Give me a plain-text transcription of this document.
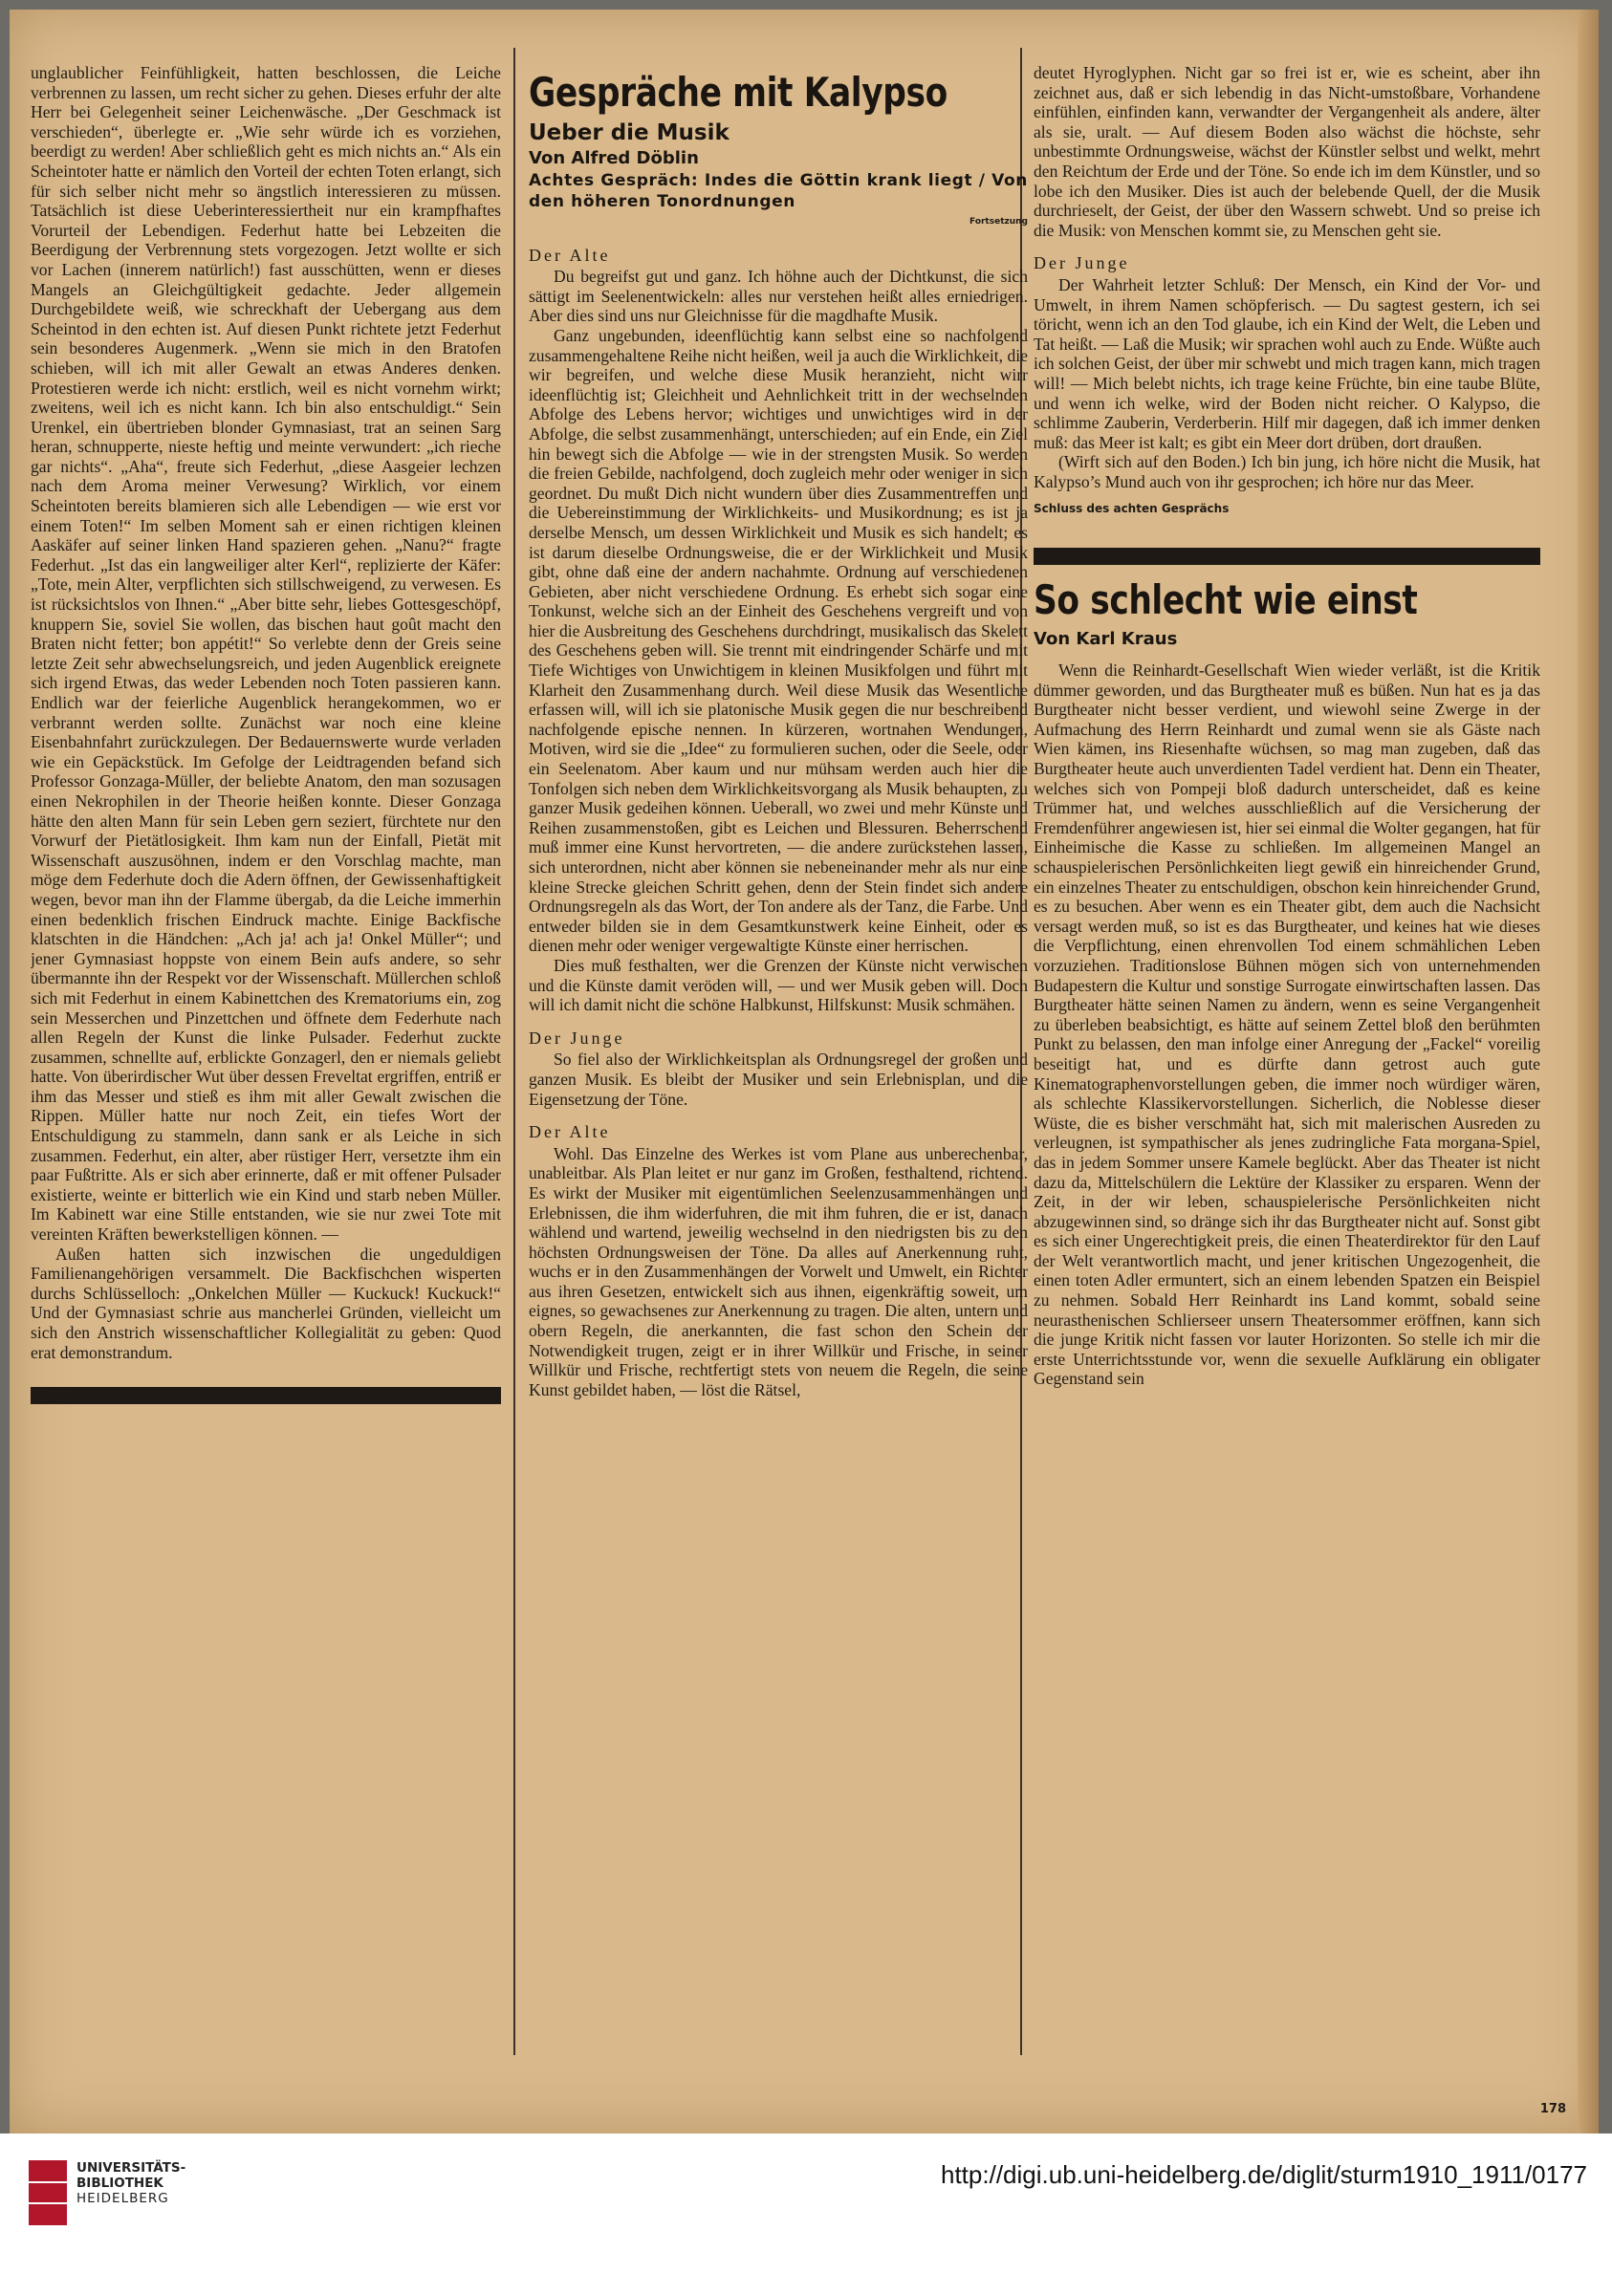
unglaublicher Feinfühligkeit, hatten beschlossen, die Leiche verbrennen zu lassen, um recht sicher zu gehen. Dieses erfuhr der alte Herr bei Gelegenheit seiner Leichenwäsche. „Der Geschmack ist verschieden“, überlegte er. „Wie sehr würde ich es vorziehen, beerdigt zu werden! Aber schließlich geht es mich nichts an.“ Als ein Scheintoter hatte er nämlich den Vorteil der echten Toten erlangt, sich für sich selber nicht mehr so ängstlich interessieren zu müssen. Tatsächlich ist diese Ueberinteressiertheit nur ein krampfhaftes Vorurteil der Lebendigen. Federhut hatte bei Lebzeiten die Beerdigung der Verbrennung stets vorgezogen. Jetzt wollte er sich vor Lachen (innerem natürlich!) fast ausschütten, wenn er dieses Mangels an Gleichgültigkeit gedachte. Jeder allgemein Durchgebildete weiß, wie schreckhaft der Uebergang aus dem Scheintod in den echten ist. Auf diesen Punkt richtete jetzt Federhut sein besonderes Augenmerk. „Wenn sie mich in den Bratofen schieben, will ich mit aller Gewalt an etwas Anderes denken. Protestieren werde ich nicht: erstlich, weil es nicht vornehm wirkt; zweitens, weil ich es nicht kann. Ich bin also entschuldigt.“ Sein Urenkel, ein übertrieben blonder Gymnasiast, trat an seinen Sarg heran, schnupperte, nieste heftig und meinte verwundert: „ich rieche gar nichts“. „Aha“, freute sich Federhut, „diese Aasgeier lechzen nach dem Aroma meiner Verwesung? Wirklich, vor einem Scheintoten bereits blamieren sich alle Lebendigen — wie erst vor einem Toten!“ Im selben Moment sah er einen richtigen kleinen Aaskäfer auf seiner linken Hand spazieren gehen. „Nanu?“ fragte Federhut. „Ist das ein langweiliger alter Kerl“, replizierte der Käfer: „Tote, mein Alter, verpflichten sich stillschweigend, zu verwesen. Es ist rücksichtslos von Ihnen.“ „Aber bitte sehr, liebes Gottesgeschöpf, knuppern Sie, soviel Sie wollen, das bischen haut goût macht den Braten nicht fetter; bon appétit!“ So verlebte denn der Greis seine letzte Zeit sehr abwechselungsreich, und jeden Augenblick ereignete sich irgend Etwas, das weder Lebenden noch Toten passieren kann. Endlich war der feierliche Augenblick herangekommen, wo er verbrannt werden sollte. Zunächst war noch eine kleine Eisenbahnfahrt zurückzulegen. Der Bedauernswerte wurde verladen wie ein Gepäckstück. Im Gefolge der Leidtragenden befand sich Professor Gonzaga-Müller, der beliebte Anatom, den man sozusagen einen Nekrophilen in der Theorie heißen konnte. Dieser Gonzaga hätte den alten Mann für sein Leben gern seziert, fürchtete nur den Vorwurf der Pietätlosigkeit. Ihm kam nun der Einfall, Pietät mit Wissenschaft auszusöhnen, indem er den Vorschlag machte, man möge dem Federhute doch die Adern öffnen, der Gewissenhaftigkeit wegen, bevor man ihn der Flamme übergab, da die Leiche immerhin einen bedenklich frischen Eindruck machte. Einige Backfische klatschten in die Händchen: „Ach ja! ach ja! Onkel Müller“; und jener Gymnasiast hoppste von einem Bein aufs andere, so sehr übermannte ihn der Respekt vor der Wissenschaft. Müllerchen schloß sich mit Federhut in einem Kabinettchen des Krematoriums ein, zog sein Messerchen und Pinzettchen und öffnete dem Federhute nach allen Regeln der Kunst die linke Pulsader. Federhut zuckte zusammen, schnellte auf, erblickte Gonzagerl, den er niemals geliebt hatte. Von überirdischer Wut über dessen Freveltat ergriffen, entriß er ihm das Messer und stieß es ihm mit aller Gewalt zwischen die Rippen. Müller hatte nur noch Zeit, ein tiefes Wort der Entschuldigung zu stammeln, dann sank er als Leiche in sich zusammen. Federhut, ein alter, aber rüstiger Herr, versetzte ihm ein paar Fußtritte. Als er sich aber erinnerte, daß er mit offener Pulsader existierte, weinte er bitterlich wie ein Kind und starb neben Müller. Im Kabinett war eine Stille entstanden, wie sie nur zwei Tote mit vereinten Kräften bewerkstelligen können. —

Außen hatten sich inzwischen die ungeduldigen Familienangehörigen versammelt. Die Backfischchen wisperten durchs Schlüsselloch: „Onkelchen Müller — Kuckuck! Kuckuck!“ Und der Gymnasiast schrie aus mancherlei Gründen, vielleicht um sich den Anstrich wissenschaftlicher Kollegialität zu geben: Quod erat demonstrandum.

Gespräche mit Kalypso
Ueber die Musik
Von Alfred Döblin
Achtes Gespräch: Indes die Göttin krank liegt / Von den höheren Tonordnungen
Fortsetzung
Der Alte

Du begreifst gut und ganz. Ich höhne auch der Dichtkunst, die sich sättigt im Seelenentwickeln: alles nur verstehen heißt alles erniedrigen. Aber dies sind uns nur Gleichnisse für die magdhafte Musik.

Ganz ungebunden, ideenflüchtig kann selbst eine so nachfolgend zusammengehaltene Reihe nicht heißen, weil ja auch die Wirklichkeit, die wir begreifen, und welche diese Musik heranzieht, nicht wirr ideenflüchtig ist; Gleichheit und Aehnlichkeit tritt in der wechselnden Abfolge des Lebens hervor; wichtiges und unwichtiges wird in der Abfolge, die selbst zusammenhängt, unterschieden; auf ein Ende, ein Ziel hin bewegt sich die Abfolge — wie in der strengsten Musik. So werden die freien Gebilde, nachfolgend, doch zugleich mehr oder weniger in sich geordnet. Du mußt Dich nicht wundern über dies Zusammentreffen und die Uebereinstimmung der Wirklichkeits- und Musikordnung; es ist ja derselbe Mensch, um dessen Wirklichkeit und Musik es sich handelt; es ist darum dieselbe Ordnungsweise, die er der Wirklichkeit und Musik gibt, ohne daß eine der andern nachahmte. Ordnung auf verschiedenen Gebieten, aber nicht verschiedene Ordnung. Es erhebt sich sogar eine Tonkunst, welche sich an der Einheit des Geschehens vergreift und von hier die Ausbreitung des Geschehens durchdringt, musikalisch das Skelett des Geschehens geben will. Sie trennt mit eindringender Schärfe und mit Tiefe Wichtiges von Unwichtigem in kleinen Musikfolgen und führt mit Klarheit den Zusammenhang durch. Weil diese Musik das Wesentliche erfassen will, will ich sie platonische Musik gegen die nur beschreibend nachfolgende epische nennen. In kürzeren, wortnahen Wendungen, Motiven, wird sie die „Idee“ zu formulieren suchen, oder die Seele, oder ein Seelenatom. Aber kaum und nur mühsam werden auch hier die Tonfolgen sich neben dem Wirklichkeitsvorgang als Musik behaupten, zu ganzer Musik gedeihen können. Ueberall, wo zwei und mehr Künste und Reihen zusammenstoßen, gibt es Leichen und Blessuren. Beherrschend muß immer eine Kunst hervortreten, — die andere zurückstehen lassen, sich unterordnen, nicht aber können sie nebeneinander mehr als nur eine kleine Strecke gleichen Schritt gehen, denn der Stein findet sich andere Ordnungsregeln als das Wort, der Ton andere als der Tanz, die Farbe. Und entweder bilden sie in dem Gesamtkunstwerk keine Einheit, oder es dienen mehr oder weniger vergewaltigte Künste einer herrischen.

Dies muß festhalten, wer die Grenzen der Künste nicht verwischen und die Künste damit veröden will, — und wer Musik geben will. Doch will ich damit nicht die schöne Halbkunst, Hilfskunst: Musik schmähen.

Der Junge

So fiel also der Wirklichkeitsplan als Ordnungsregel der großen und ganzen Musik. Es bleibt der Musiker und sein Erlebnisplan, und die Eigensetzung der Töne.

Der Alte

Wohl. Das Einzelne des Werkes ist vom Plane aus unberechenbar, unableitbar. Als Plan leitet er nur ganz im Großen, festhaltend, richtend. Es wirkt der Musiker mit eigentümlichen Seelenzusammenhängen und Erlebnissen, die ihm widerfuhren, die mit ihm fuhren, die er ist, danach wählend und wartend, jeweilig wechselnd in den niedrigsten bis zu den höchsten Ordnungsweisen der Töne. Da alles auf Anerkennung ruht, wuchs er in den Zusammenhängen der Vorwelt und Umwelt, ein Richter aus ihren Gesetzen, entwickelt sich aus ihnen, eigenkräftig soweit, um eignes, so gewachsenes zur Anerkennung zu tragen. Die alten, untern und obern Regeln, die anerkannten, die fast schon den Schein der Notwendigkeit trugen, zeigt er in ihrer Willkür und Frische, in seiner Willkür und Frische, rechtfertigt stets von neuem die Regeln, die seine Kunst gebildet haben, — löst die Rätsel,

deutet Hyroglyphen. Nicht gar so frei ist er, wie es scheint, aber ihn zeichnet aus, daß er sich lebendig in das Nicht-umstoßbare, Vorhandene einfühlen, einfinden kann, verwandter der Vergangenheit als andere, älter als sie, uralt. — Auf diesem Boden also wächst die höchste, sehr unbestimmte Ordnungsweise, wächst der Künstler selbst und welkt, mehrt den Reichtum der Erde und der Töne. So ende ich im dem Künstler, und so lobe ich den Musiker. Dies ist auch der belebende Quell, der die Musik durchrieselt, der Geist, der über den Wassern schwebt. Und so preise ich die Musik: von Menschen kommt sie, zu Menschen geht sie.

Der Junge

Der Wahrheit letzter Schluß: Der Mensch, ein Kind der Vor- und Umwelt, in ihrem Namen schöpferisch. — Du sagtest gestern, ich sei töricht, wenn ich an den Tod glaube, ich ein Kind der Welt, die Leben und Tat heißt. — Laß die Musik; wir sprachen wohl auch zu Ende. Wüßte auch ich solchen Geist, der über mir schwebt und mich tragen kann, mich tragen will! — Mich belebt nichts, ich trage keine Früchte, bin eine taube Blüte, und wenn ich welke, wird der Boden nicht reicher. O Kalypso, die schlimme Zauberin, Verderberin. Hilf mir dagegen, daß ich immer denken muß: das Meer ist kalt; es gibt ein Meer dort drüben, dort draußen.

(Wirft sich auf den Boden.) Ich bin jung, ich höre nicht die Musik, hat Kalypso’s Mund auch von ihr gesprochen; ich höre nur das Meer.

Schluss des achten Gesprächs
So schlecht wie einst
Von Karl Kraus

Wenn die Reinhardt-Gesellschaft Wien wieder verläßt, ist die Kritik dümmer geworden, und das Burgtheater muß es büßen. Nun hat es ja das Burgtheater nicht besser verdient, und wiewohl seine Zwerge in der Aufmachung des Herrn Reinhardt und zumal wenn sie als Gäste nach Wien kämen, ins Riesenhafte wüchsen, so mag man zugeben, daß das Burgtheater heute auch unverdienten Tadel verdient hat. Denn ein Theater, welches sich von Pompeji bloß dadurch unterscheidet, daß es keine Trümmer hat, und welches ausschließlich auf die Versicherung der Fremdenführer angewiesen ist, hier sei einmal die Wolter gegangen, hat für Einheimische die Kasse zu schließen. Im allgemeinen Mangel an schauspielerischen Persönlichkeiten liegt gewiß ein hinreichender Grund, ein einzelnes Theater zu entschuldigen, obschon kein hinreichender Grund, es zu besuchen. Aber wenn es ein Theater gibt, dem auch die Nachsicht versagt werden muß, so ist es das Burgtheater, und keines hat wie dieses die Verpflichtung, einen ehrenvollen Tod einem schmählichen Leben vorzuziehen. Traditionslose Bühnen mögen sich von unternehmenden Budapestern die Kultur und sonstige Surrogate einwirtschaften lassen. Das Burgtheater hätte seinen Namen zu ändern, wenn es seine Vergangenheit zu überleben beabsichtigt, es hätte auf seinem Zettel bloß den berühmten Punkt zu belassen, den man infolge einer Anregung der „Fackel“ voreilig beseitigt hat, und es dürfte dann getrost auch gute Kinematographenvorstellungen geben, die immer noch würdiger wären, als schlechte Klassikervorstellungen. Sicherlich, die Noblesse dieser Wüste, die es bisher verschmäht hat, sich mit malerischen Ausreden zu verleugnen, ist sympathischer als jenes zudringliche Fata morgana-Spiel, das in jedem Sommer unsere Kamele beglückt. Aber das Theater ist nicht dazu da, Mittelschülern die Lektüre der Klassiker zu ersparen. Wenn der Zeit, in der wir leben, schauspielerische Persönlichkeiten nicht abzugewinnen sind, so dränge sich ihr das Burgtheater nicht auf. Sonst gibt es sich einer Ungerechtigkeit preis, die einen Theaterdirektor für den Lauf der Welt verantwortlich macht, und jener kritischen Ungezogenheit, die einen toten Adler ermuntert, sich an einem lebenden Spatzen ein Beispiel zu nehmen. Sobald Herr Reinhardt ins Land kommt, sobald seine neurasthenischen Schlierseer unsern Theatersommer eröffnen, kann sich die junge Kritik nicht fassen vor lauter Horizonten. So stelle ich mir die erste Unterrichtsstunde vor, wenn die sexuelle Aufklärung ein obligater Gegenstand sein

178
UNIVERSITÄTS-
BIBLIOTHEK
HEIDELBERG
http://digi.ub.uni-heidelberg.de/diglit/sturm1910_1911/0177
